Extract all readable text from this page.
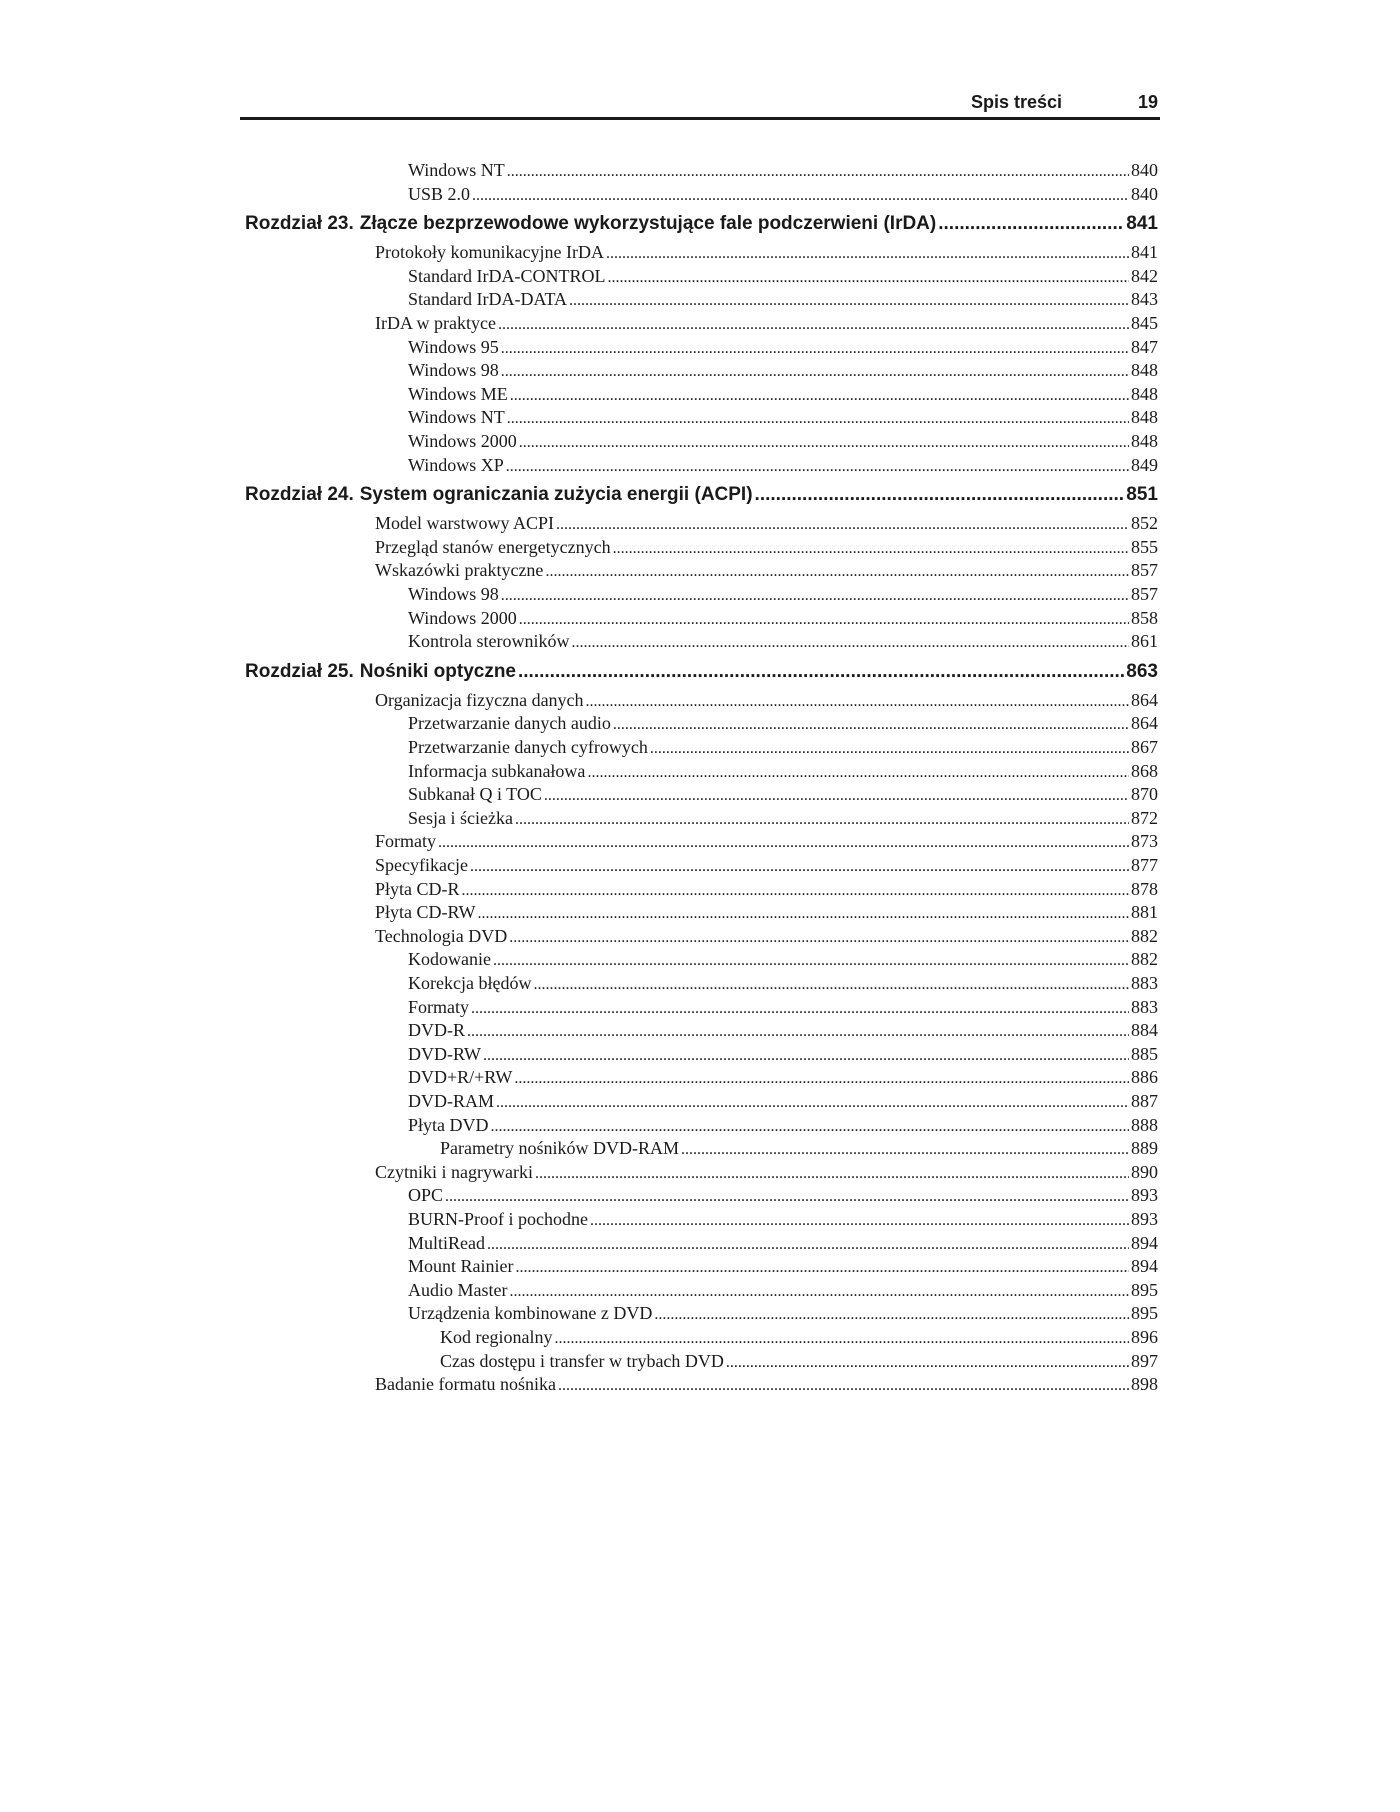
Spis treści	19
Windows NT .....	840
USB 2.0 .....	840
Rozdział 23. Złącze bezprzewodowe wykorzystujące fale podczerwieni (IrDA) .....	841
Protokoły komunikacyjne IrDA .....	841
Standard IrDA-CONTROL .....	842
Standard IrDA-DATA .....	843
IrDA w praktyce .....	845
Windows 95 .....	847
Windows 98 .....	848
Windows ME .....	848
Windows NT .....	848
Windows 2000 .....	848
Windows XP .....	849
Rozdział 24. System ograniczania zużycia energii (ACPI) .....	851
Model warstwowy ACPI .....	852
Przegląd stanów energetycznych .....	855
Wskazówki praktyczne .....	857
Windows 98 .....	857
Windows 2000 .....	858
Kontrola sterowników .....	861
Rozdział 25. Nośniki optyczne .....	863
Organizacja fizyczna danych .....	864
Przetwarzanie danych audio .....	864
Przetwarzanie danych cyfrowych .....	867
Informacja subkanałowa .....	868
Subkanał Q i TOC .....	870
Sesja i ścieżka .....	872
Formaty .....	873
Specyfikacje .....	877
Płyta CD-R .....	878
Płyta CD-RW .....	881
Technologia DVD .....	882
Kodowanie .....	882
Korekcja błędów .....	883
Formaty .....	883
DVD-R .....	884
DVD-RW .....	885
DVD+R/+RW .....	886
DVD-RAM .....	887
Płyta DVD .....	888
Parametry nośników DVD-RAM .....	889
Czytniki i nagrywarki .....	890
OPC .....	893
BURN-Proof i pochodne .....	893
MultiRead .....	894
Mount Rainier .....	894
Audio Master .....	895
Urządzenia kombinowane z DVD .....	895
Kod regionalny .....	896
Czas dostępu i transfer w trybach DVD .....	897
Badanie formatu nośnika .....	898
